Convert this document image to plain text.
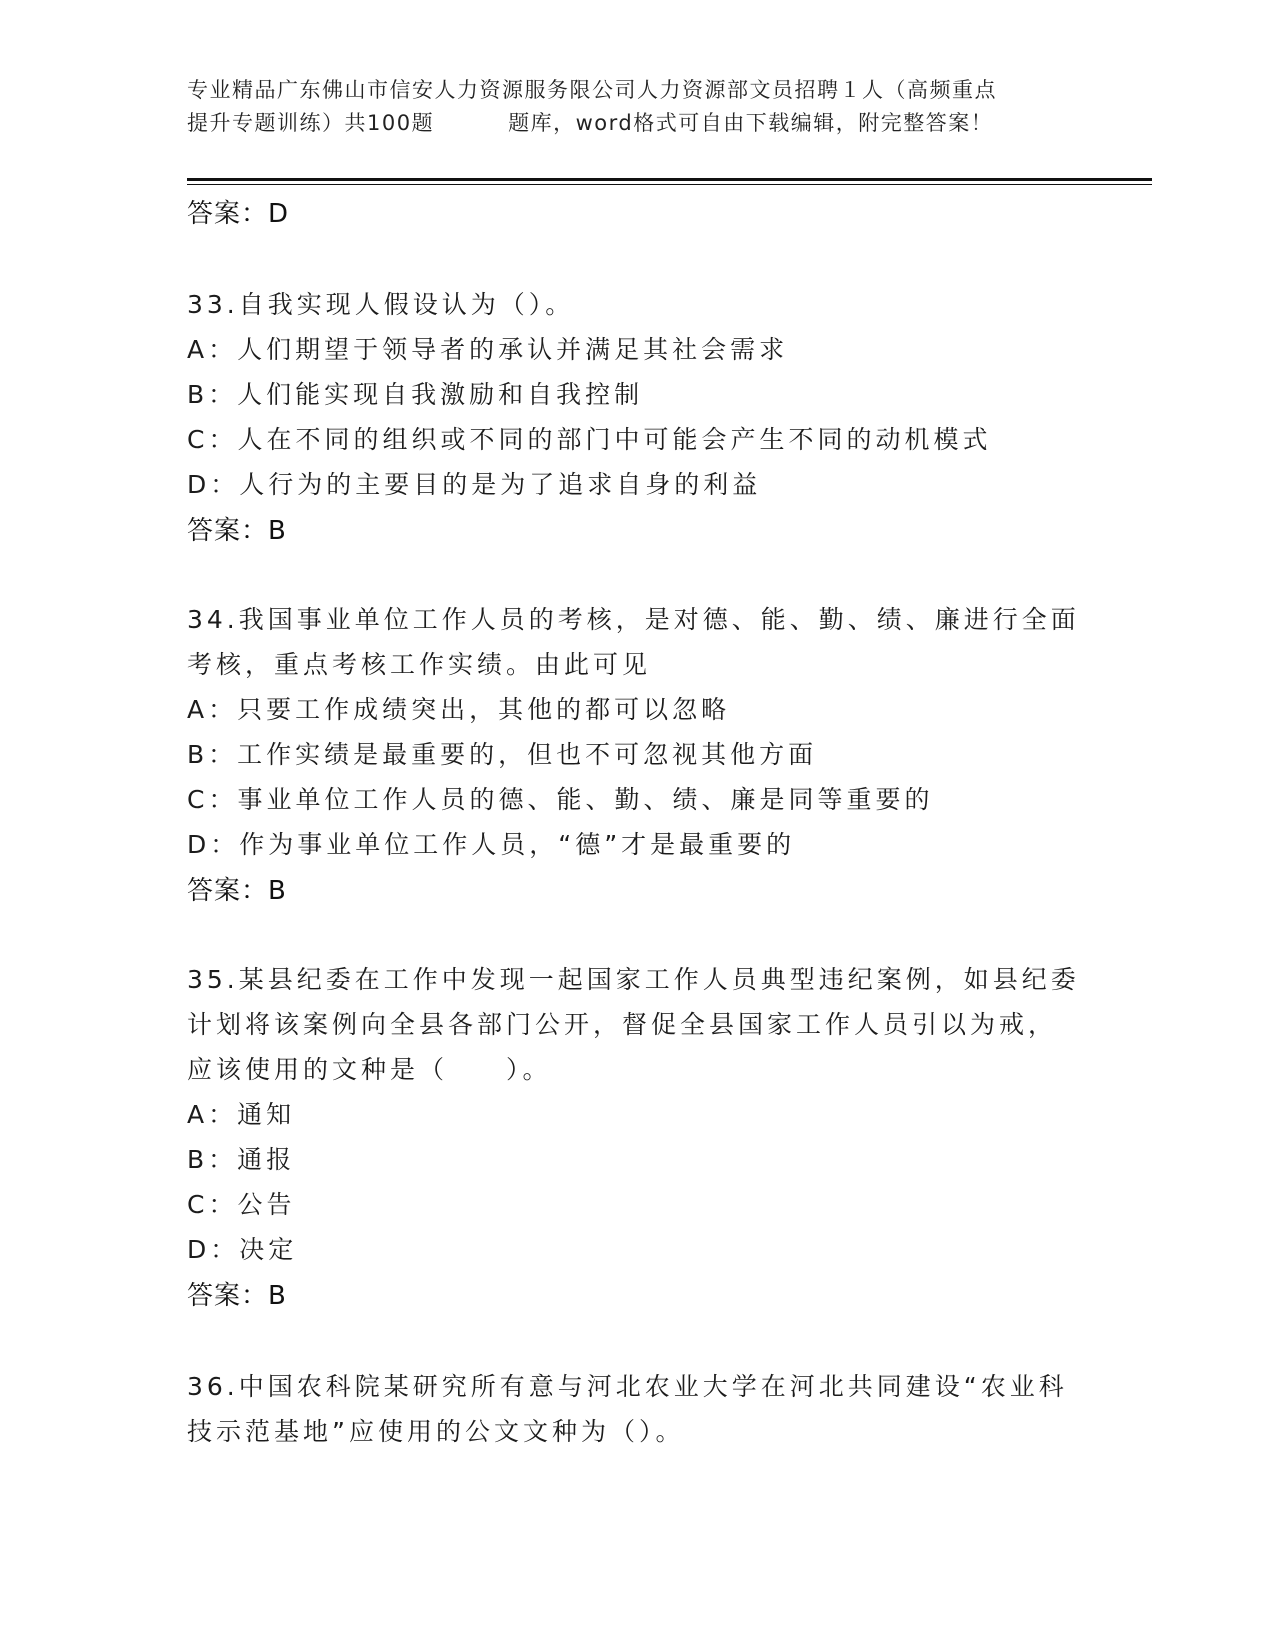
专业精品广东佛山市信安人力资源服务限公司人力资源部文员招聘１人（高频重点
提升专题训练）共100题	题库，word格式可自由下载编辑，附完整答案！
答案：D
33.自我实现人假设认为（）。
A：人们期望于领导者的承认并满足其社会需求
B：人们能实现自我激励和自我控制
C：人在不同的组织或不同的部门中可能会产生不同的动机模式
D：人行为的主要目的是为了追求自身的利益
答案：B
34.我国事业单位工作人员的考核，是对德、能、勤、绩、廉进行全面
考核，重点考核工作实绩。由此可见
A：只要工作成绩突出，其他的都可以忽略
B：工作实绩是最重要的，但也不可忽视其他方面
C：事业单位工作人员的德、能、勤、绩、廉是同等重要的
D：作为事业单位工作人员，“德”才是最重要的
答案：B
35.某县纪委在工作中发现一起国家工作人员典型违纪案例，如县纪委
计划将该案例向全县各部门公开，督促全县国家工作人员引以为戒，
应该使用的文种是（　　）。
A：通知
B：通报
C：公告
D：决定
答案：B
36.中国农科院某研究所有意与河北农业大学在河北共同建设“农业科
技示范基地”应使用的公文文种为（）。
